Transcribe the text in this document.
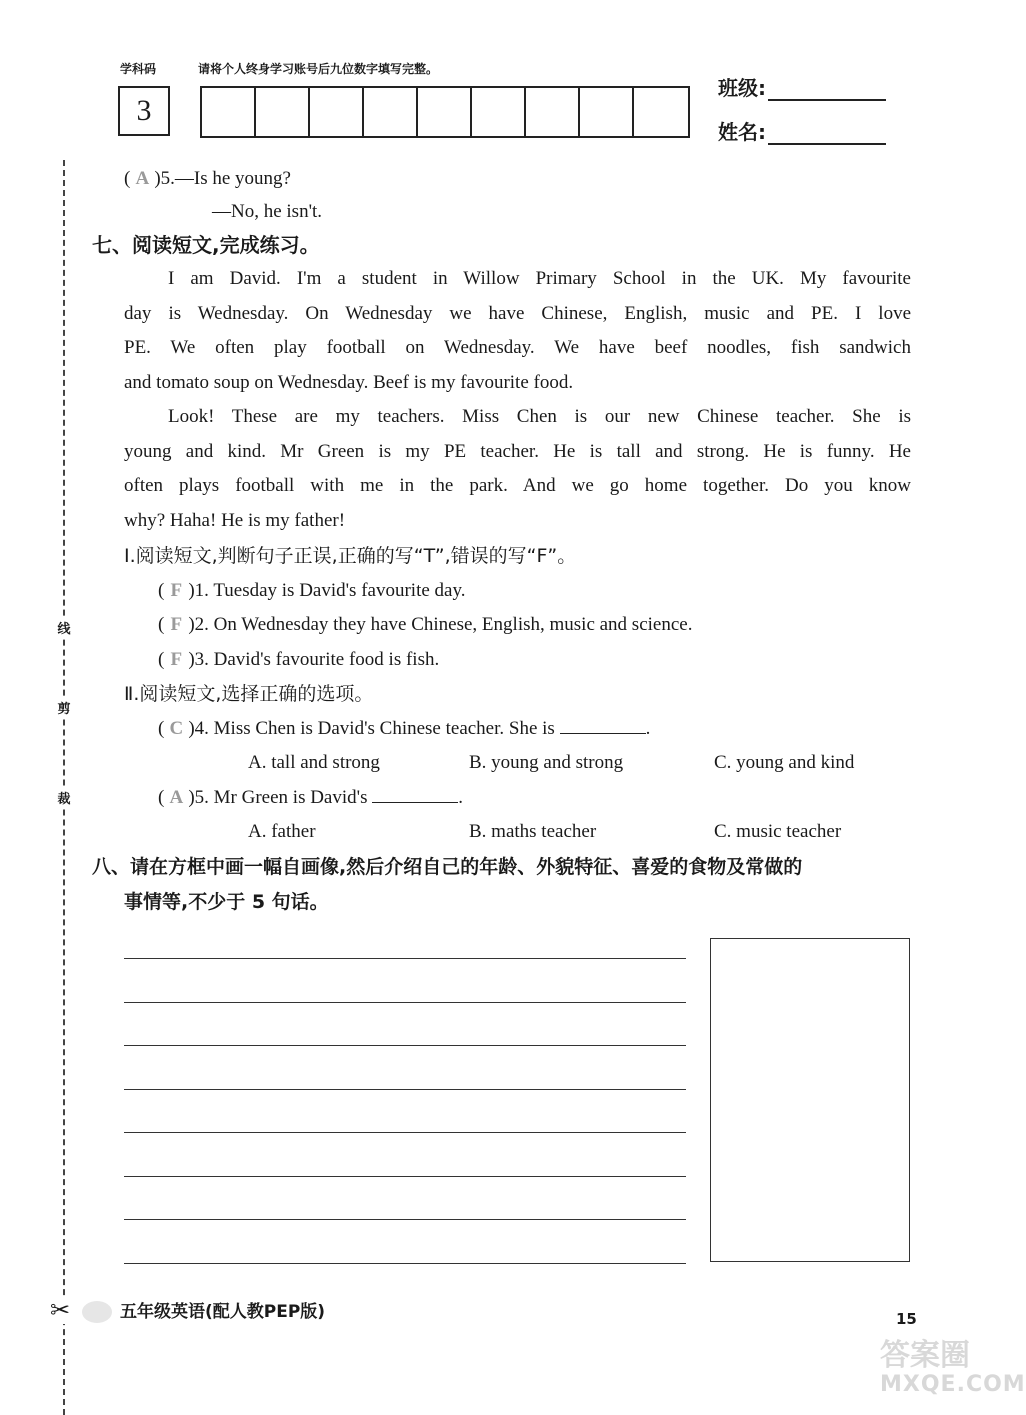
学科码	请将个人终身学习账号后九位数字填写完整。
3
班级:
姓名:
线
剪
裁
✂
( A )5.—Is he young?
—No, he isn't.
七、阅读短文,完成练习。
I am David. I'm a student in Willow Primary School in the UK. My favourite
day is Wednesday. On Wednesday we have Chinese, English, music and PE. I love
PE. We often play football on Wednesday. We have beef noodles, fish sandwich
and tomato soup on Wednesday. Beef is my favourite food.
Look! These are my teachers. Miss Chen is our new Chinese teacher. She is
young and kind. Mr Green is my PE teacher. He is tall and strong. He is funny. He
often plays football with me in the park. And we go home together. Do you know
why? Haha! He is my father!
Ⅰ.阅读短文,判断句子正误,正确的写“T”,错误的写“F”。
( F )1. Tuesday is David's favourite day.
( F )2. On Wednesday they have Chinese, English, music and science.
( F )3. David's favourite food is fish.
Ⅱ.阅读短文,选择正确的选项。
( C )4. Miss Chen is David's Chinese teacher. She is	.
A. tall and strong	B. young and strong	C. young and kind
( A )5. Mr Green is David's	.
A. father	B. maths teacher	C. music teacher
八、请在方框中画一幅自画像,然后介绍自己的年龄、外貌特征、喜爱的食物及常做的
事情等,不少于 5 句话。
五年级英语(配人教PEP版)	15
答案圈
MXQE.COM
